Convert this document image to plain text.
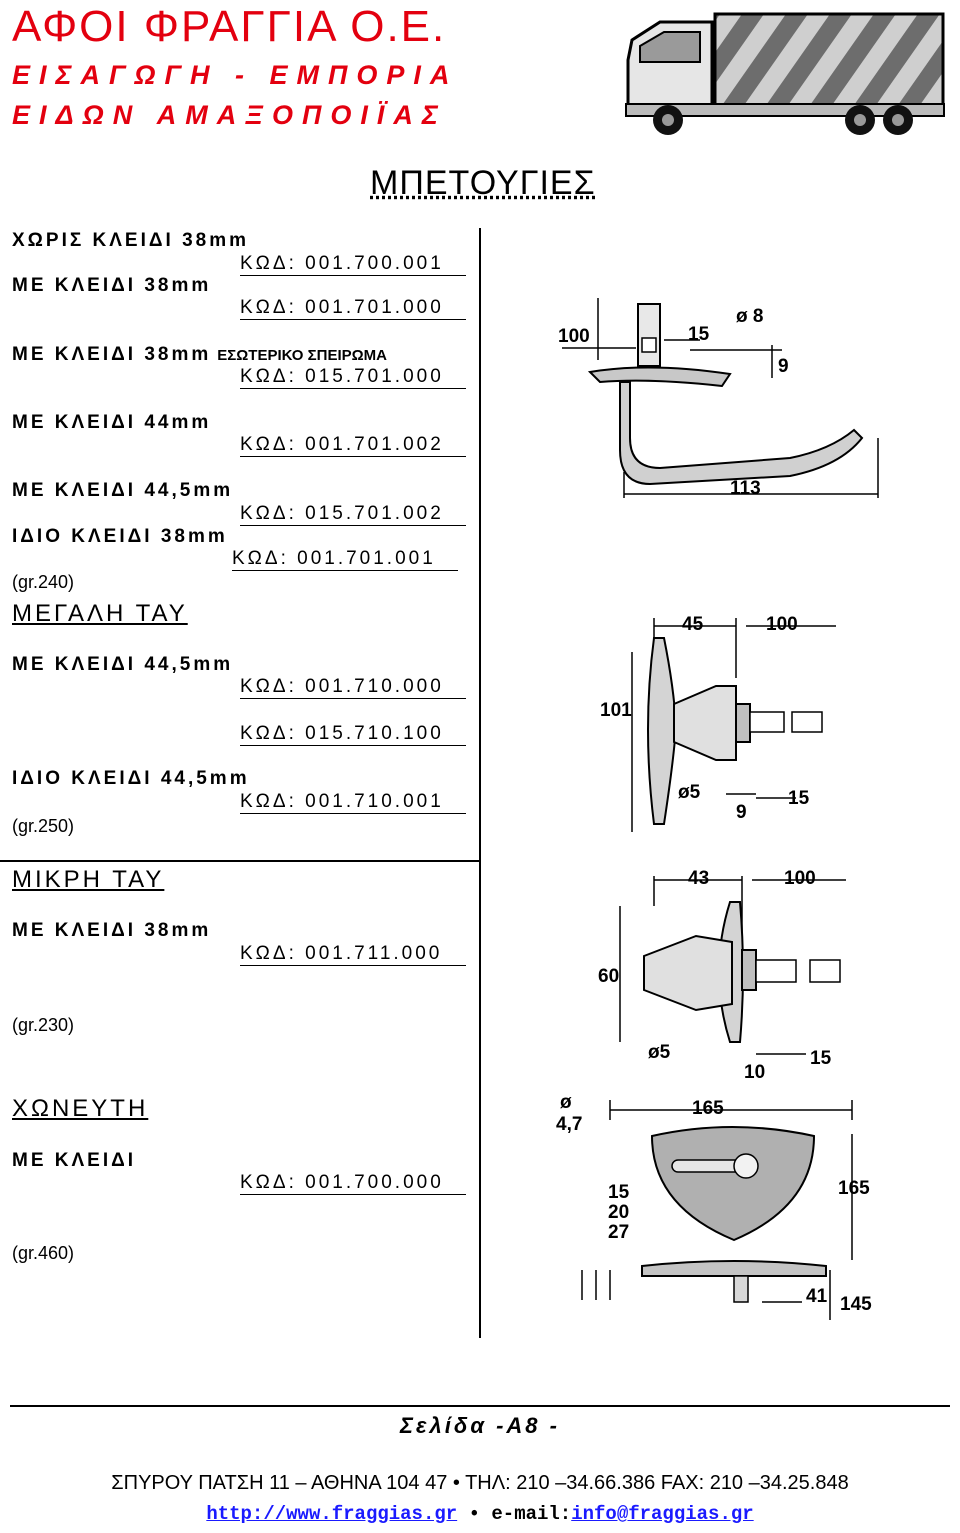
ΑΦΟΙ ΦΡΑΓΓΙΑ Ο.Ε.
ΕΙΣΑΓΩΓΗ - ΕΜΠΟΡΙΑ
ΕΙΔΩΝ ΑΜΑΞΟΠΟΙΪΑΣ
ΜΠΕΤΟΥΓΙΕΣ
ΧΩΡΙΣ ΚΛΕΙΔΙ 38mm
ΚΩΔ: 001.700.001
ΜΕ ΚΛΕΙΔΙ 38mm
ΚΩΔ: 001.701.000
ΜΕ ΚΛΕΙΔΙ 38mm ΕΣΩΤΕΡΙΚΟ ΣΠΕΙΡΩΜΑ
ΚΩΔ: 015.701.000
ΜΕ ΚΛΕΙΔΙ 44mm
ΚΩΔ: 001.701.002
ΜΕ ΚΛΕΙΔΙ 44,5mm
ΚΩΔ: 015.701.002
ΙΔΙΟ ΚΛΕΙΔΙ 38mm
ΚΩΔ: 001.701.001
(gr.240)
ΜΕΓΑΛΗ ΤΑΥ
ΜΕ ΚΛΕΙΔΙ 44,5mm
ΚΩΔ: 001.710.000
ΚΩΔ: 015.710.100
ΙΔΙΟ ΚΛΕΙΔΙ 44,5mm
ΚΩΔ: 001.710.001
(gr.250)
ΜΙΚΡΗ ΤΑΥ
ΜΕ ΚΛΕΙΔΙ 38mm
ΚΩΔ: 001.711.000
(gr.230)
ΧΩΝΕΥΤΗ
ΜΕ ΚΛΕΙΔΙ
ΚΩΔ: 001.700.000
(gr.460)
100	15
ø 8
9
113
45	100
101
ø5
9
15
43	100
60
ø5
10
15
ø
4,7
165
165
15
20
27
41 145
Σελίδα -Α8 -
ΣΠΥΡΟΥ ΠΑΤΣΗ 11 – ΑΘΗΝΑ 104 47 • ΤΗΛ: 210 –34.66.386 FAX: 210 –34.25.848
http://www.fraggias.gr • e-mail:info@fraggias.gr
